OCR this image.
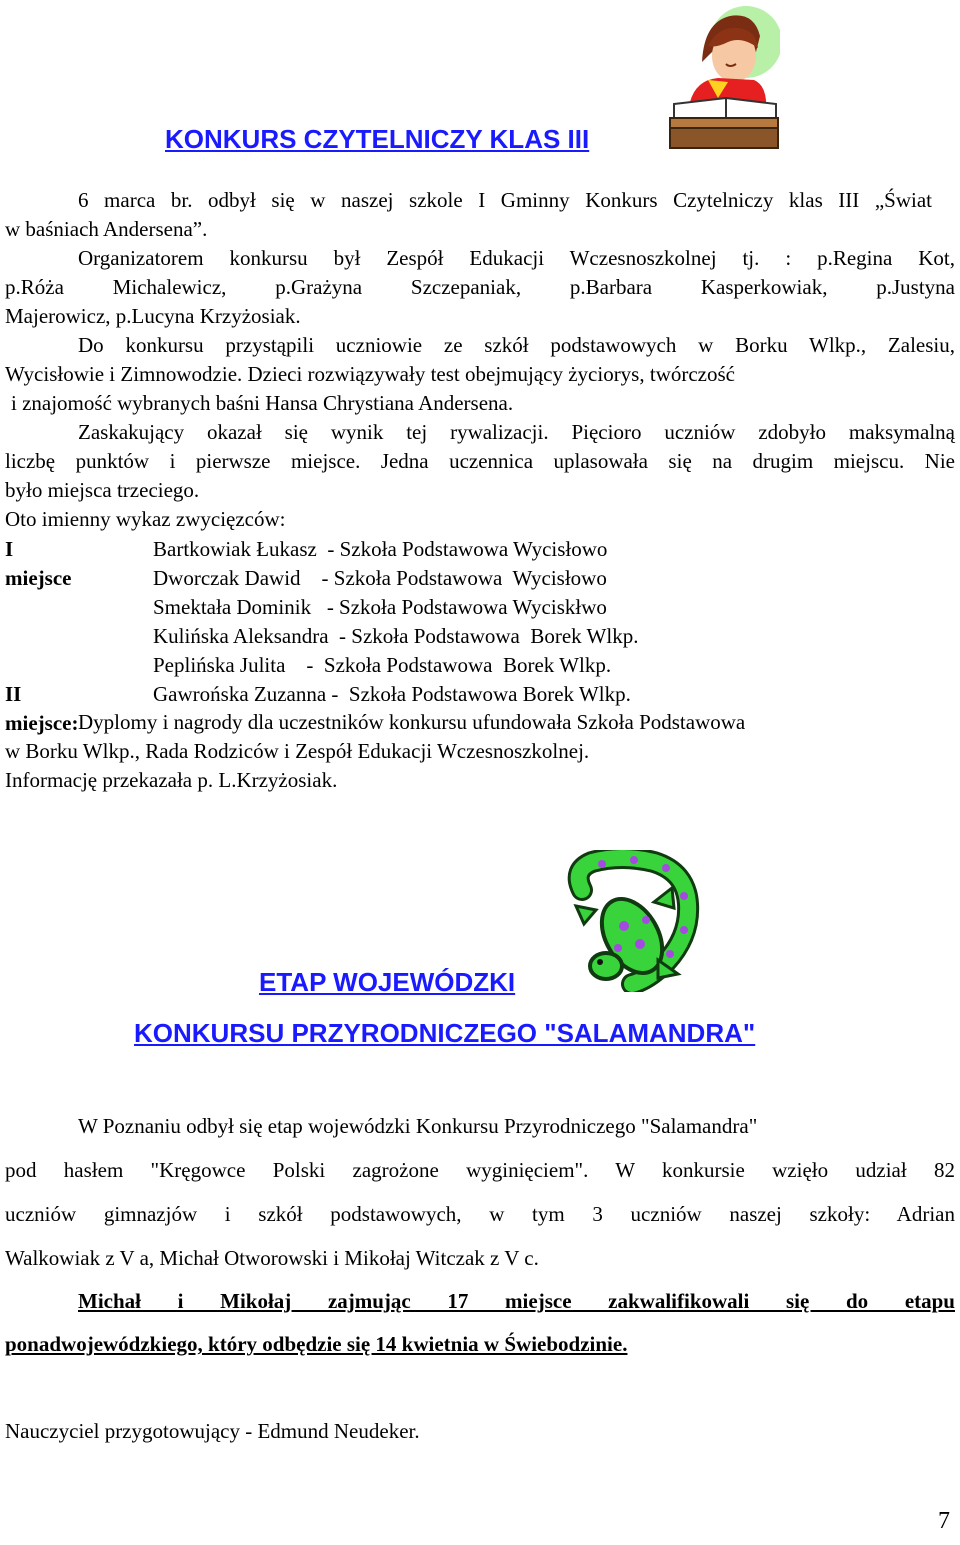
KONKURS CZYTELNICZY KLAS III
6 marca br. odbył się w naszej szkole I Gminny Konkurs Czytelniczy klas III „Świat
w baśniach Andersena”.
Organizatorem konkursu był Zespół Edukacji Wczesnoszkolnej tj. : p.Regina Kot,
p.Róża Michalewicz, p.Grażyna Szczepaniak, p.Barbara Kasperkowiak, p.Justyna
Majerowicz, p.Lucyna Krzyżosiak.
Do konkursu przystąpili uczniowie ze szkół podstawowych w Borku Wlkp., Zalesiu,
Wycisłowie i Zimnowodzie. Dzieci rozwiązywały test obejmujący życiorys, twórczość
i znajomość wybranych baśni Hansa Chrystiana Andersena.
Zaskakujący okazał się wynik tej rywalizacji. Pięcioro uczniów zdobyło maksymalną
liczbę punktów i pierwsze miejsce. Jedna uczennica uplasowała się na drugim miejscu. Nie
było miejsca trzeciego.
Oto imienny wykaz zwycięzców:
I miejsce
Bartkowiak Łukasz  - Szkoła Podstawowa Wycisłowo
Dworczak Dawid    - Szkoła Podstawowa  Wycisłowo
Smektała Dominik   - Szkoła Podstawowa Wyciskłwo
Kulińska Aleksandra  - Szkoła Podstawowa  Borek Wlkp.
Peplińska Julita    -  Szkoła Podstawowa  Borek Wlkp.
II miejsce:
Gawrońska Zuzanna -  Szkoła Podstawowa Borek Wlkp.
Dyplomy i nagrody dla uczestników konkursu ufundowała Szkoła Podstawowa
w Borku Wlkp., Rada Rodziców i Zespół Edukacji Wczesnoszkolnej.
Informację przekazała p. L.Krzyżosiak.
ETAP WOJEWÓDZKI
KONKURSU PRZYRODNICZEGO "SALAMANDRA"
W Poznaniu odbył się etap wojewódzki Konkursu Przyrodniczego "Salamandra"
pod hasłem "Kręgowce Polski zagrożone wyginięciem". W konkursie wzięło udział 82
uczniów gimnazjów i szkół podstawowych, w tym 3 uczniów naszej szkoły: Adrian
Walkowiak z V a, Michał Otworowski i Mikołaj Witczak z V c.
Michał i Mikołaj zajmując 17 miejsce zakwalifikowali się do etapu
ponadwojewódzkiego, który odbędzie się 14 kwietnia w Świebodzinie.
Nauczyciel przygotowujący - Edmund Neudeker.
7
